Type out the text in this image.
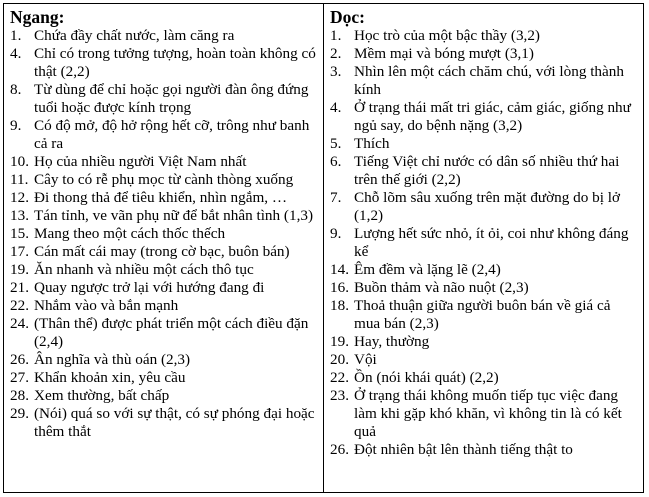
Ngang:
1. Chứa đầy chất nước, làm căng ra
4. Chỉ có trong tưởng tượng, hoàn toàn không có thật (2,2)
8. Từ dùng để chỉ hoặc gọi người đàn ông đứng tuổi hoặc được kính trọng
9. Có độ mở, độ hở rộng hết cỡ, trông như banh cả ra
10. Họ của nhiều người Việt Nam nhất
11. Cây to có rễ phụ mọc từ cành thòng xuống
12. Đi thong thả để tiêu khiển, nhìn ngắm, …
13. Tán tỉnh, ve vãn phụ nữ để bắt nhân tình (1,3)
15. Mang theo một cách thốc thếch
17. Cán mất cái may (trong cờ bạc, buôn bán)
19. Ăn nhanh và nhiều một cách thô tục
21. Quay ngược trở lại với hướng đang đi
22. Nhắm vào và bắn mạnh
24. (Thân thể) được phát triển một cách điều đặn (2,4)
26. Ân nghĩa và thù oán (2,3)
27. Khẩn khoản xin, yêu cầu
28. Xem thường, bất chấp
29. (Nói) quá so với sự thật, có sự phóng đại hoặc thêm thắt
Dọc:
1. Học trò của một bậc thầy (3,2)
2. Mềm mại và bóng mượt (3,1)
3. Nhìn lên một cách chăm chú, với lòng thành kính
4. Ở trạng thái mất tri giác, cảm giác, giống như ngủ say, do bệnh nặng (3,2)
5. Thích
6. Tiếng Việt chỉ nước có dân số nhiều thứ hai trên thế giới (2,2)
7. Chỗ lõm sâu xuống trên mặt đường do bị lở (1,2)
9. Lượng hết sức nhỏ, ít ỏi, coi như không đáng kể
14. Êm đềm và lặng lẽ (2,4)
16. Buồn thảm và não nuột (2,3)
18. Thoả thuận giữa người buôn bán về giá cả mua bán (2,3)
19. Hay, thường
20. Vội
22. Ồn (nói khái quát) (2,2)
23. Ở trạng thái không muốn tiếp tục việc đang làm khi gặp khó khăn, vì không tin là có kết quả
26. Đột nhiên bật lên thành tiếng thật to
